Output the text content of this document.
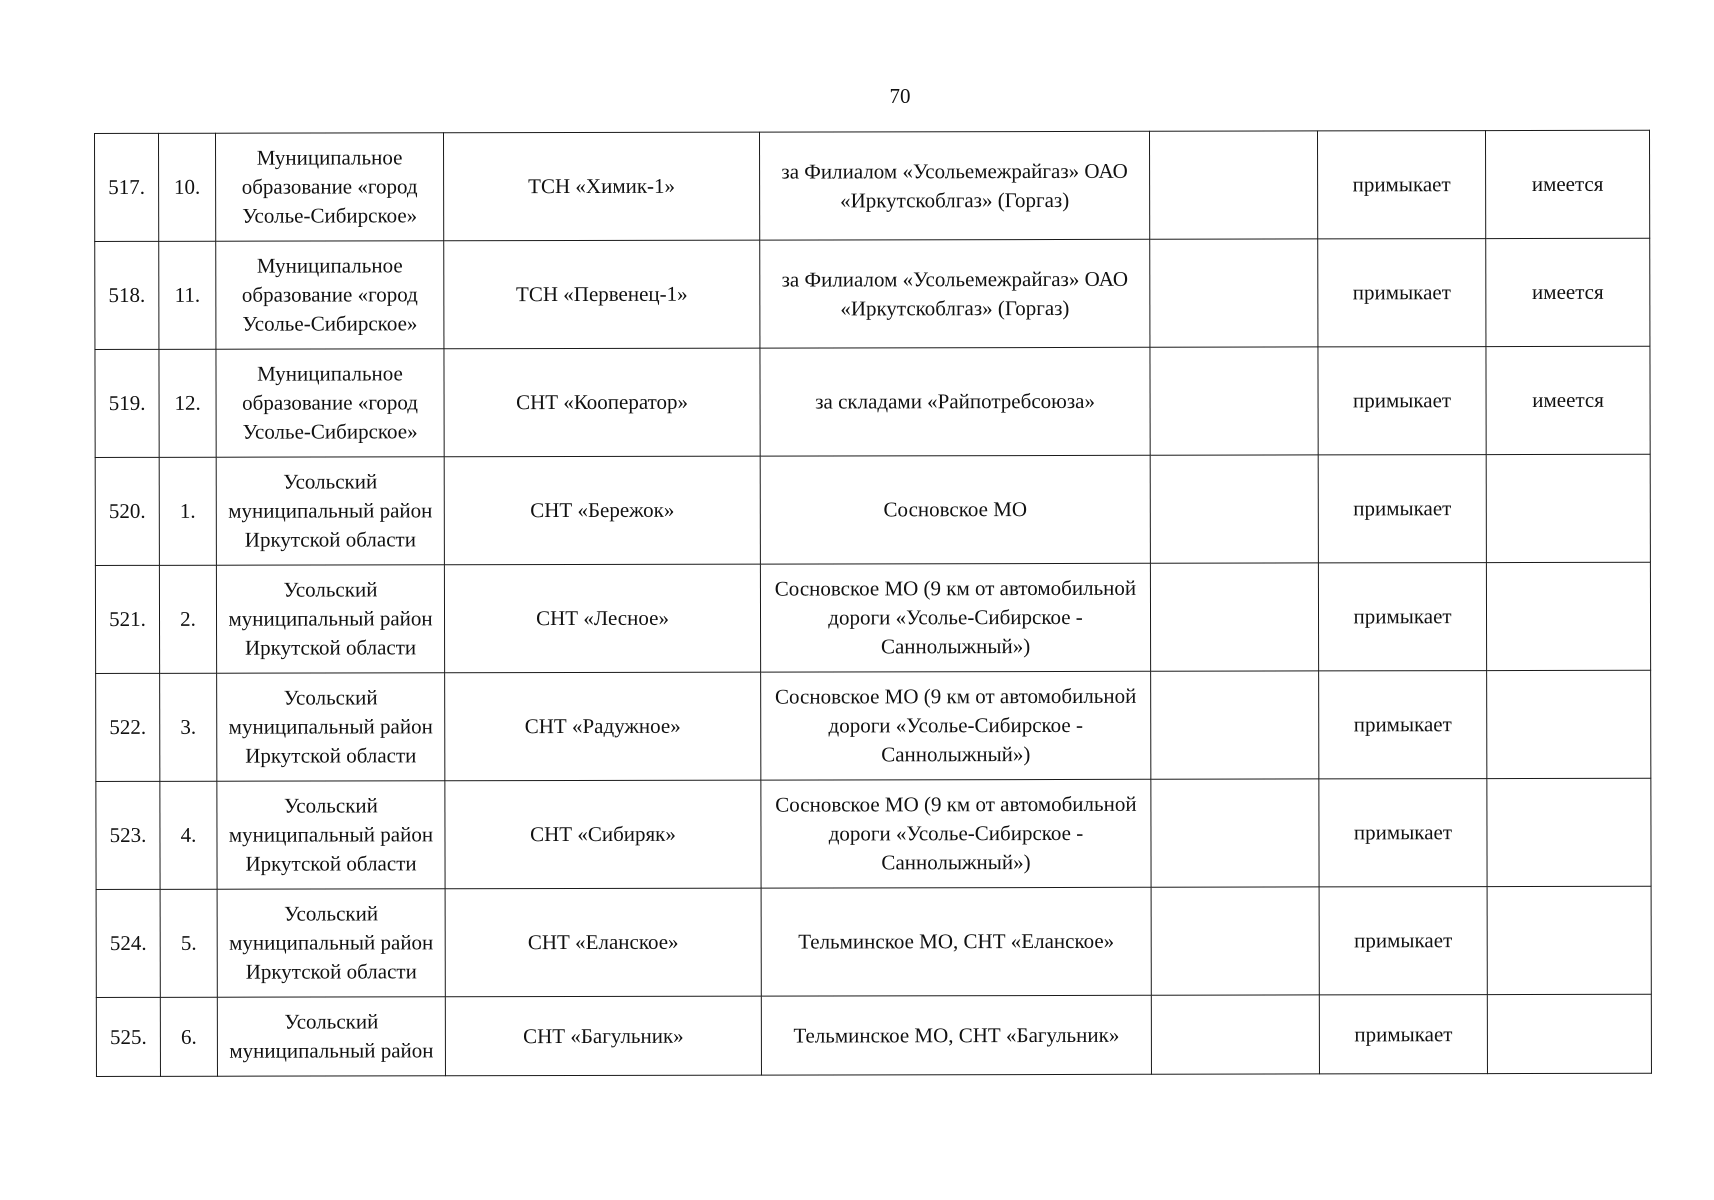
70
517.	10.	Муниципальное образование «город Усолье-Сибирское»	ТСН «Химик-1»	за Филиалом «Усольемежрайгаз» ОАО «Иркутскоблгаз» (Горгаз)		примыкает	имеется
518.	11.	Муниципальное образование «город Усолье-Сибирское»	ТСН «Первенец-1»	за Филиалом «Усольемежрайгаз» ОАО «Иркутскоблгаз» (Горгаз)		примыкает	имеется
519.	12.	Муниципальное образование «город Усолье-Сибирское»	СНТ «Кооператор»	за складами «Райпотребсоюза»		примыкает	имеется
520.	1.	Усольский муниципальный район Иркутской области	СНТ «Бережок»	Сосновское МО		примыкает	
521.	2.	Усольский муниципальный район Иркутской области	СНТ «Лесное»	Сосновское МО (9 км от автомобильной дороги «Усолье-Сибирское - Саннолыжный»)		примыкает	
522.	3.	Усольский муниципальный район Иркутской области	СНТ «Радужное»	Сосновское МО (9 км от автомобильной дороги «Усолье-Сибирское - Саннолыжный»)		примыкает	
523.	4.	Усольский муниципальный район Иркутской области	СНТ «Сибиряк»	Сосновское МО (9 км от автомобильной дороги «Усолье-Сибирское - Саннолыжный»)		примыкает	
524.	5.	Усольский муниципальный район Иркутской области	СНТ «Еланское»	Тельминское МО, СНТ «Еланское»		примыкает	
525.	6.	Усольский муниципальный район	СНТ «Багульник»	Тельминское МО, СНТ «Багульник»		примыкает	
